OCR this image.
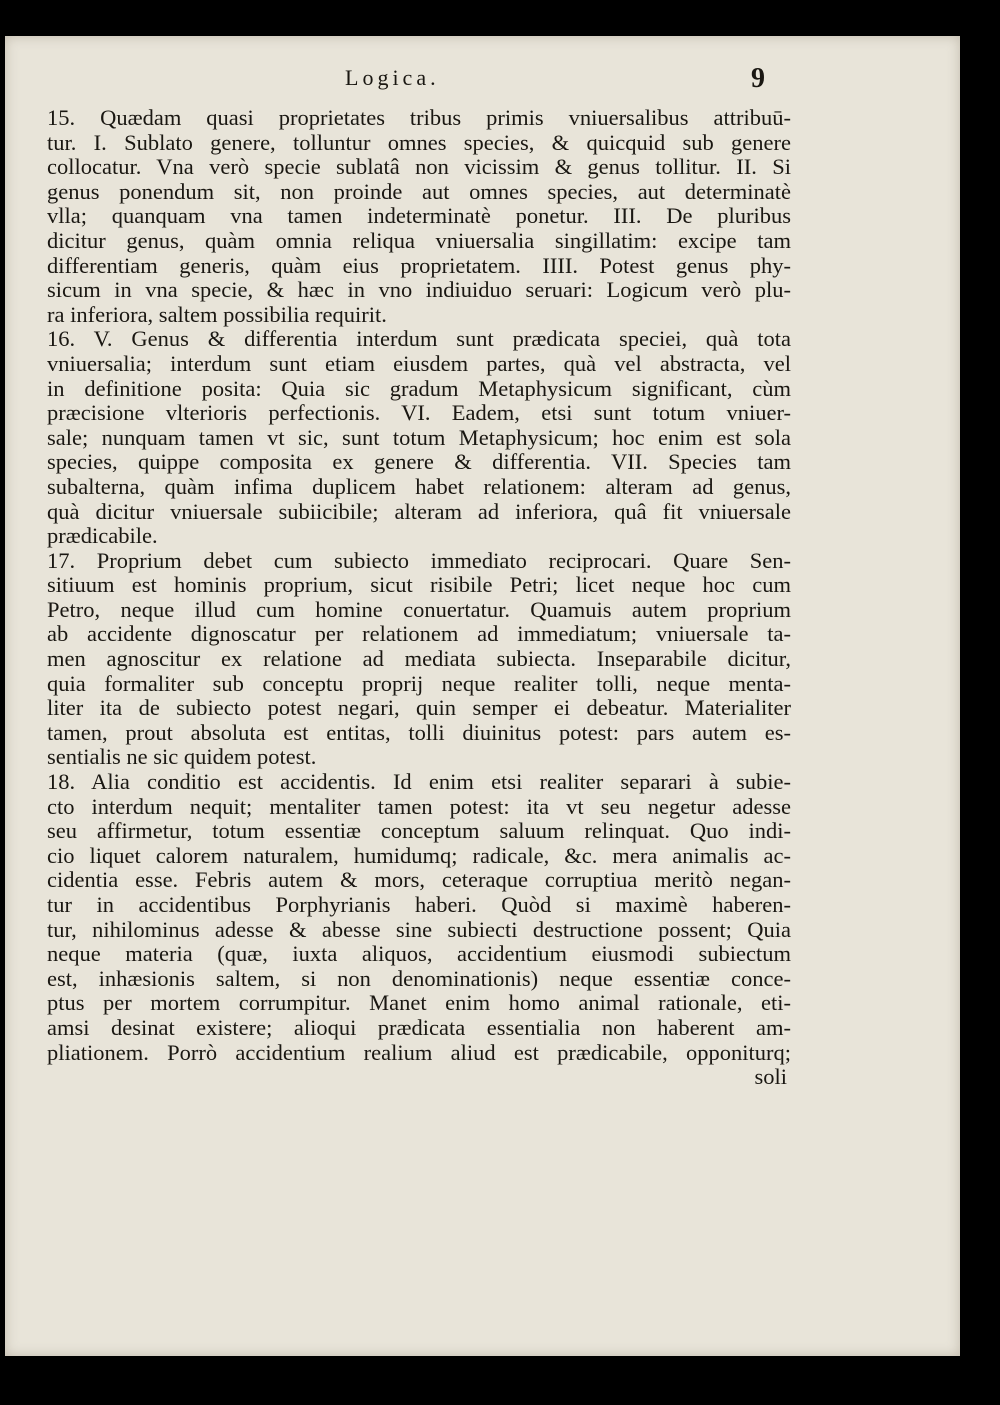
Logica.	9
15. Quædam quasi proprietates tribus primis vniuersalibus attribuū-
tur. I. Sublato genere, tolluntur omnes species, & quicquid sub genere
collocatur. Vna verò specie sublatâ non vicissim & genus tollitur. II. Si
genus ponendum sit, non proinde aut omnes species, aut determinatè
vlla; quanquam vna tamen indeterminatè ponetur. III. De pluribus
dicitur genus, quàm omnia reliqua vniuersalia singillatim: excipe tam
differentiam generis, quàm eius proprietatem. IIII. Potest genus phy-
sicum in vna specie, & hæc in vno indiuiduo seruari: Logicum verò plu-
ra inferiora, saltem possibilia requirit.
16. V. Genus & differentia interdum sunt prædicata speciei, quà tota
vniuersalia; interdum sunt etiam eiusdem partes, quà vel abstracta, vel
in definitione posita: Quia sic gradum Metaphysicum significant, cùm
præcisione vlterioris perfectionis. VI. Eadem, etsi sunt totum vniuer-
sale; nunquam tamen vt sic, sunt totum Metaphysicum; hoc enim est sola
species, quippe composita ex genere & differentia. VII. Species tam
subalterna, quàm infima duplicem habet relationem: alteram ad genus,
quà dicitur vniuersale subiicibile; alteram ad inferiora, quâ fit vniuersale
prædicabile.
17. Proprium debet cum subiecto immediato reciprocari. Quare Sen-
sitiuum est hominis proprium, sicut risibile Petri; licet neque hoc cum
Petro, neque illud cum homine conuertatur. Quamuis autem proprium
ab accidente dignoscatur per relationem ad immediatum; vniuersale ta-
men agnoscitur ex relatione ad mediata subiecta. Inseparabile dicitur,
quia formaliter sub conceptu proprij neque realiter tolli, neque menta-
liter ita de subiecto potest negari, quin semper ei debeatur. Materialiter
tamen, prout absoluta est entitas, tolli diuinitus potest: pars autem es-
sentialis ne sic quidem potest.
18. Alia conditio est accidentis. Id enim etsi realiter separari à subie-
cto interdum nequit; mentaliter tamen potest: ita vt seu negetur adesse
seu affirmetur, totum essentiæ conceptum saluum relinquat. Quo indi-
cio liquet calorem naturalem, humidumq; radicale, &c. mera animalis ac-
cidentia esse. Febris autem & mors, ceteraque corruptiua meritò negan-
tur in accidentibus Porphyrianis haberi. Quòd si maximè haberen-
tur, nihilominus adesse & abesse sine subiecti destructione possent; Quia
neque materia (quæ, iuxta aliquos, accidentium eiusmodi subiectum
est, inhæsionis saltem, si non denominationis) neque essentiæ conce-
ptus per mortem corrumpitur. Manet enim homo animal rationale, eti-
amsi desinat existere; alioqui prædicata essentialia non haberent am-
pliationem. Porrò accidentium realium aliud est prædicabile, opponiturq;
soli
